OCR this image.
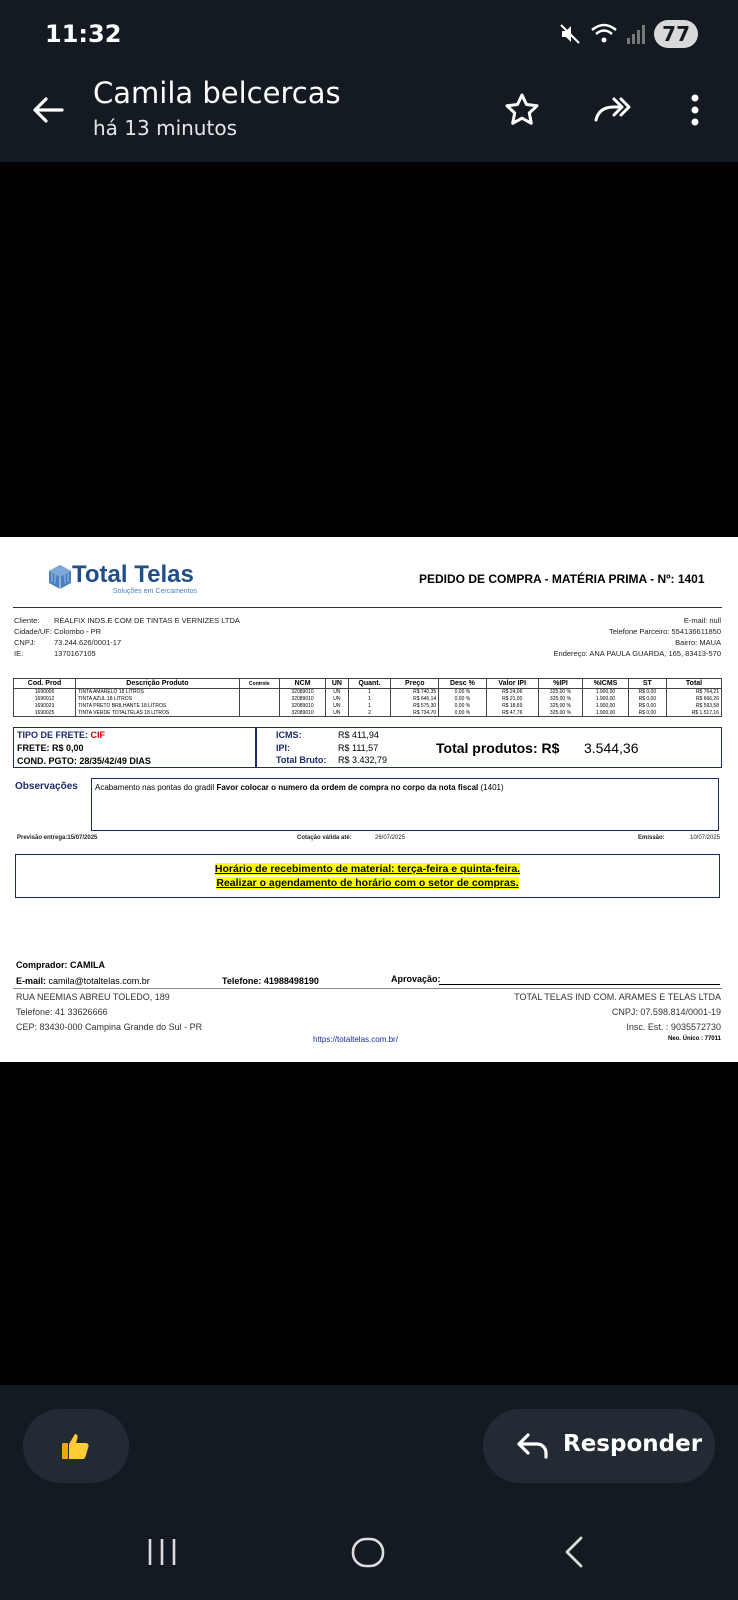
11:32	77
Camila belcercas
há 13 minutos
Total Telas
Soluções em Cercamentos
PEDIDO DE COMPRA - MATÉRIA PRIMA - Nº: 1401
Cliente: REALFIX INDS.E COM DE TINTAS E VERNIZES LTDA
Cidade/UF: Colombo - PR
CNPJ: 73.244.626/0001-17
IE:	1370167105
E-mail: null
Telefone Parceiro: 554136611850
Bairro: MAUA
Endereço: ANA PAULA GUARDA, 165, 83413-570
Cod. Prod	Descrição Produto	Controle	NCM	UN	Quant.	Preço	Desc %	Valor IPI	%IPI	%ICMS	ST	Total
1690006	TINTA AMARELO 18 LITROS		32089010	UN	1	R$ 740,35	0,00 %	R$ 24,06	325,00 %	1.900,00	R$ 0,00	R$ 764,21
1690012	TINTA AZUL 18 LITROS		32089010	UN	1	R$ 646,14	0,00 %	R$ 21,00	325,00 %	1.900,00	R$ 0,00	R$ 666,26
1690023	TINTA PRETO BRILHANTE 18 LITROS		32089010	UN	1	R$ 575,30	0,00 %	R$ 18,69	325,00 %	1.900,00	R$ 0,00	R$ 593,58
1690025	TINTA VERDE TOTALTELAS 18 LITROS		32089010	UN	2	R$ 734,70	0,00 %	R$ 47,76	325,00 %	1.900,00	R$ 0,00	R$ 1.517,16
TIPO DE FRETE: CIF
FRETE: R$ 0,00
COND. PGTO: 28/35/42/49 DIAS
ICMS:	R$ 411,94
IPI:	R$ 111,57
Total Bruto: R$ 3.432,79
Total produtos: R$ 3.544,36
Observações Acabamento nas pontas do gradil Favor colocar o numero da ordem de compra no corpo da nota fiscal (1401)
Previsão entrega:15/07/2025	Cotação válida até:	26/07/2025	Emissão:	10/07/2025
Horário de recebimento de material: terça-feira e quinta-feira.
Realizar o agendamento de horário com o setor de compras.
Comprador: CAMILA
E-mail: camila@totaltelas.com.br	Telefone: 41988498190	Aprovação:
RUA NEEMIAS ABREU TOLEDO, 189
Telefone: 41 33626666
CEP: 83430-000 Campina Grande do Sul - PR
https://totaltelas.com.br/
TOTAL TELAS IND COM. ARAMES E TELAS LTDA
CNPJ: 07.598.814/0001-19
Insc. Est. : 9035572730
Neo. Único : 77011
Responder
